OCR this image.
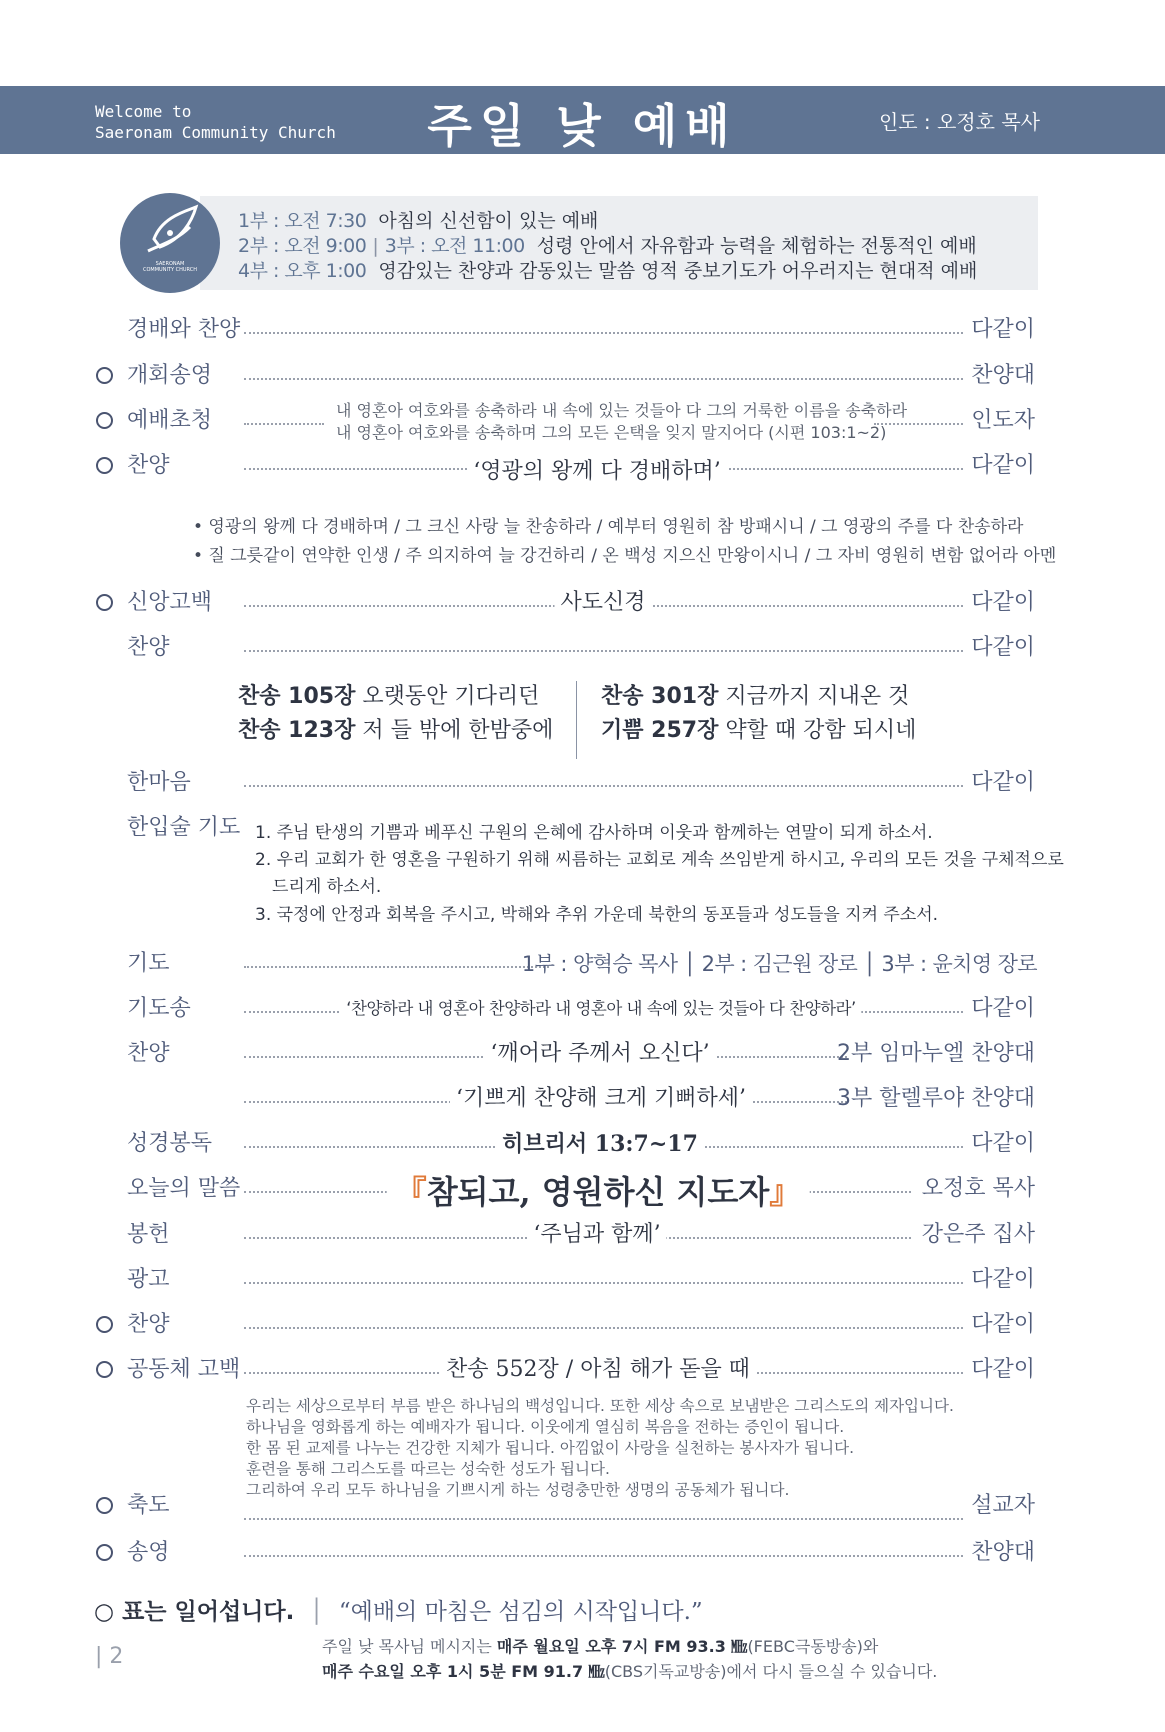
Welcome to
Saeronam Community Church	주일 낮 예배	인도 : 오정호 목사
SAERONAM
COMMUNITY CHURCH
1부 : 오전 7:30 아침의 신선함이 있는 예배
2부 : 오전 9:00 | 3부 : 오전 11:00 성령 안에서 자유함과 능력을 체험하는 전통적인 예배
4부 : 오후 1:00 영감있는 찬양과 감동있는 말씀 영적 중보기도가 어우러지는 현대적 예배
경배와 찬양	다같이
개회송영	찬양대
예배초청	내 영혼아 여호와를 송축하라 내 속에 있는 것들아 다 그의 거룩한 이름을 송축하라
내 영혼아 여호와를 송축하며 그의 모든 은택을 잊지 말지어다 (시편 103:1~2)	인도자
찬양	‘영광의 왕께 다 경배하며’	다같이
• 영광의 왕께 다 경배하며 / 그 크신 사랑 늘 찬송하라 / 예부터 영원히 참 방패시니 / 그 영광의 주를 다 찬송하라
• 질 그릇같이 연약한 인생 / 주 의지하여 늘 강건하리 / 온 백성 지으신 만왕이시니 / 그 자비 영원히 변함 없어라 아멘
신앙고백	사도신경	다같이
찬양	다같이
찬송 105장 오랫동안 기다리던
찬송 123장 저 들 밖에 한밤중에
찬송 301장 지금까지 지내온 것
기쁨 257장 약할 때 강함 되시네
한마음	다같이
한입술 기도 1. 주님 탄생의 기쁨과 베푸신 구원의 은혜에 감사하며 이웃과 함께하는 연말이 되게 하소서.
2. 우리 교회가 한 영혼을 구원하기 위해 씨름하는 교회로 계속 쓰임받게 하시고, 우리의 모든 것을 구체적으로
드리게 하소서.
3. 국정에 안정과 회복을 주시고, 박해와 추위 가운데 북한의 동포들과 성도들을 지켜 주소서.
기도	1부 : 양혁승 목사 │ 2부 : 김근원 장로 │ 3부 : 윤치영 장로
기도송	‘찬양하라 내 영혼아 찬양하라 내 영혼아 내 속에 있는 것들아 다 찬양하라’	다같이
찬양	‘깨어라 주께서 오신다’	2부 임마누엘 찬양대
‘기쁘게 찬양해 크게 기뻐하세’	3부 할렐루야 찬양대
성경봉독	히브리서 13:7~17	다같이
오늘의 말씀	『참되고, 영원하신 지도자』	오정호 목사
봉헌	‘주님과 함께’	강은주 집사
광고	다같이
찬양	다같이
공동체 고백	찬송 552장 / 아침 해가 돋을 때	다같이
우리는 세상으로부터 부름 받은 하나님의 백성입니다. 또한 세상 속으로 보냄받은 그리스도의 제자입니다.
하나님을 영화롭게 하는 예배자가 됩니다. 이웃에게 열심히 복음을 전하는 증인이 됩니다.
한 몸 된 교제를 나누는 건강한 지체가 됩니다. 아낌없이 사랑을 실천하는 봉사자가 됩니다.
훈련을 통해 그리스도를 따르는 성숙한 성도가 됩니다.
그리하여 우리 모두 하나님을 기쁘시게 하는 성령충만한 생명의 공동체가 됩니다.
축도	설교자
송영	찬양대
○ 표는 일어섭니다. │ “예배의 마침은 섬김의 시작입니다.”
| 2	주일 낮 목사님 메시지는 매주 월요일 오후 7시 FM 93.3 ㎒(FEBC극동방송)와
매주 수요일 오후 1시 5분 FM 91.7 ㎒(CBS기독교방송)에서 다시 들으실 수 있습니다.
